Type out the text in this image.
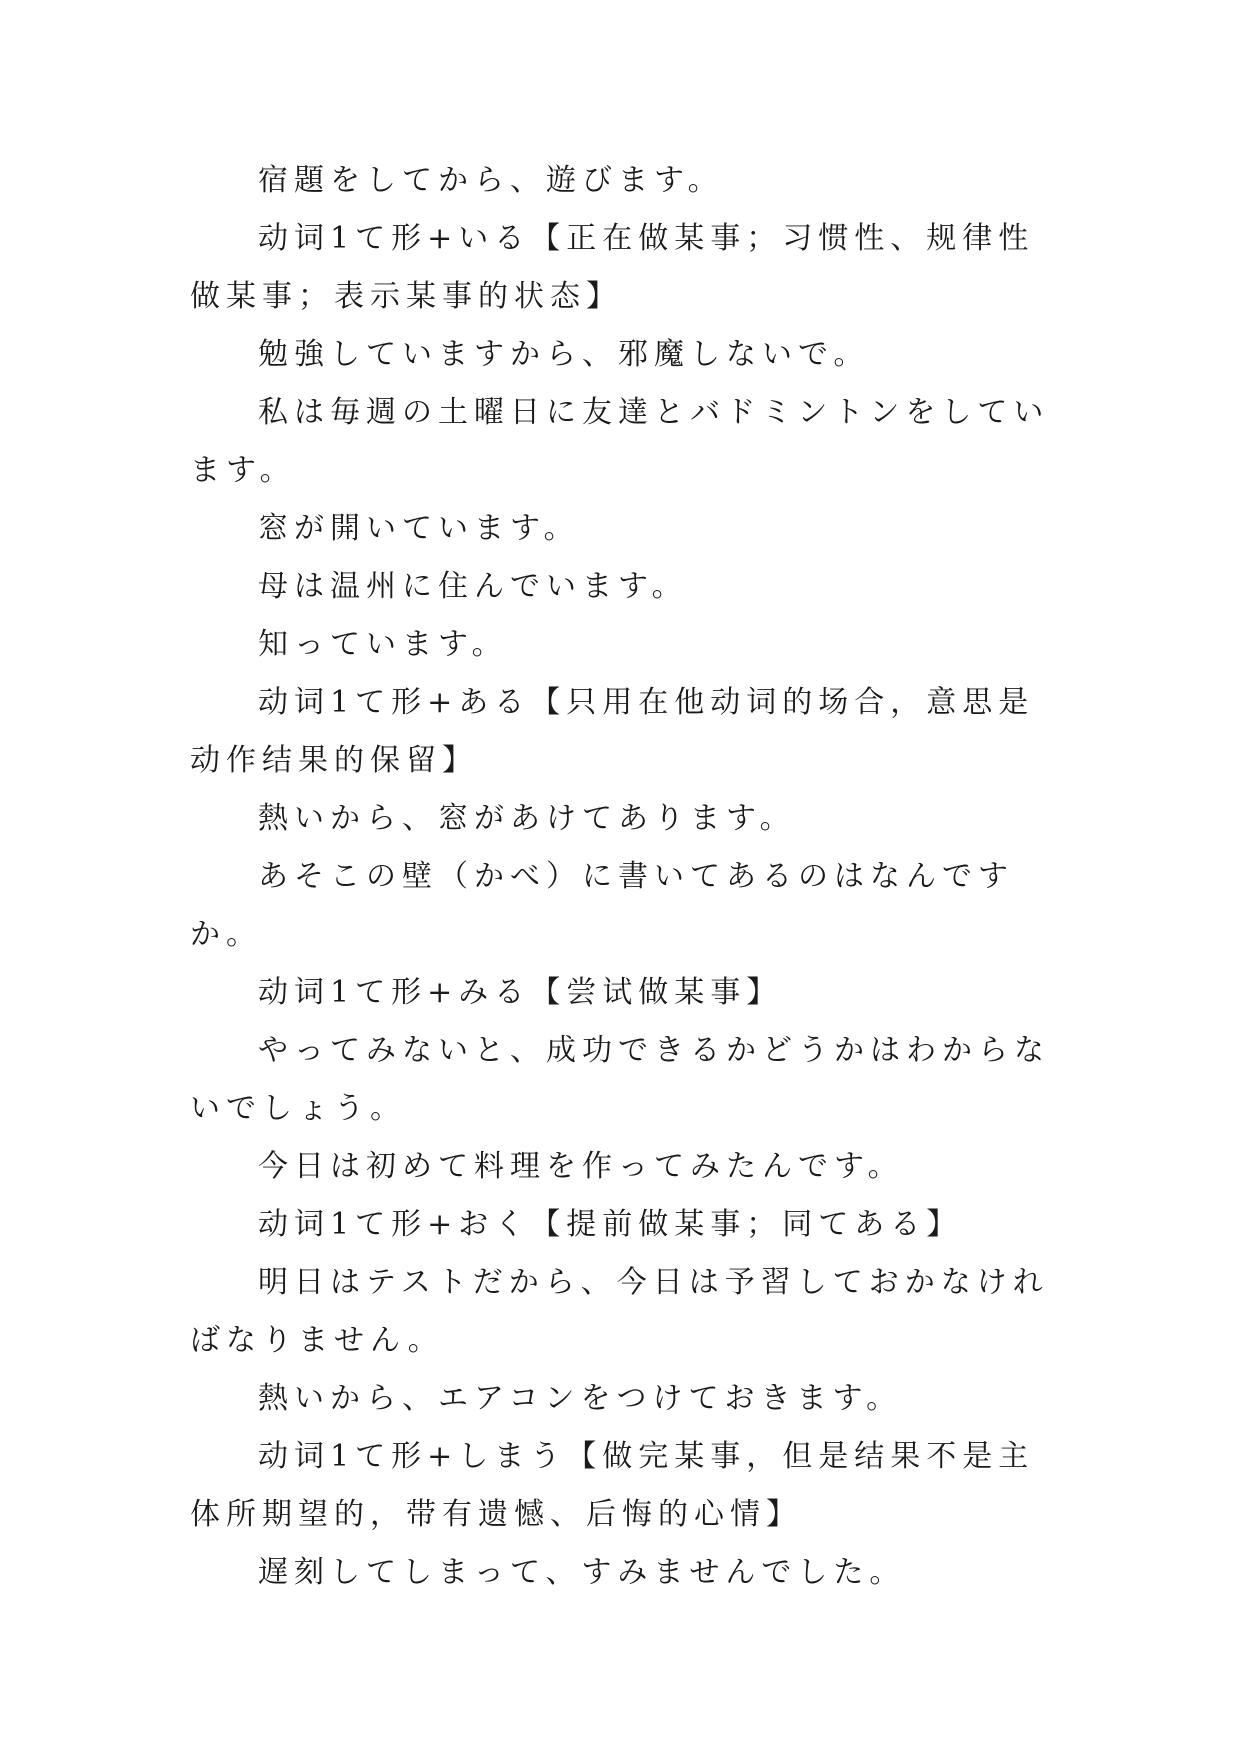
宿題をしてから、遊びます。

动词1て形+いる【正在做某事；习惯性、规律性做某事；表示某事的状态】

勉強していますから、邪魔しないで。

私は毎週の土曜日に友達とバドミントンをしています。

窓が開いています。

母は温州に住んでいます。

知っています。

动词1て形+ある【只用在他动词的场合，意思是动作结果的保留】

熱いから、窓があけてあります。

あそこの壁（かべ）に書いてあるのはなんですか。

动词1て形+みる【尝试做某事】

やってみないと、成功できるかどうかはわからないでしょう。

今日は初めて料理を作ってみたんです。

动词1て形+おく【提前做某事；同てある】

明日はテストだから、今日は予習しておかなければなりません。

熱いから、エアコンをつけておきます。

动词1て形+しまう【做完某事，但是结果不是主体所期望的，带有遗憾、后悔的心情】

遅刻してしまって、すみませんでした。
